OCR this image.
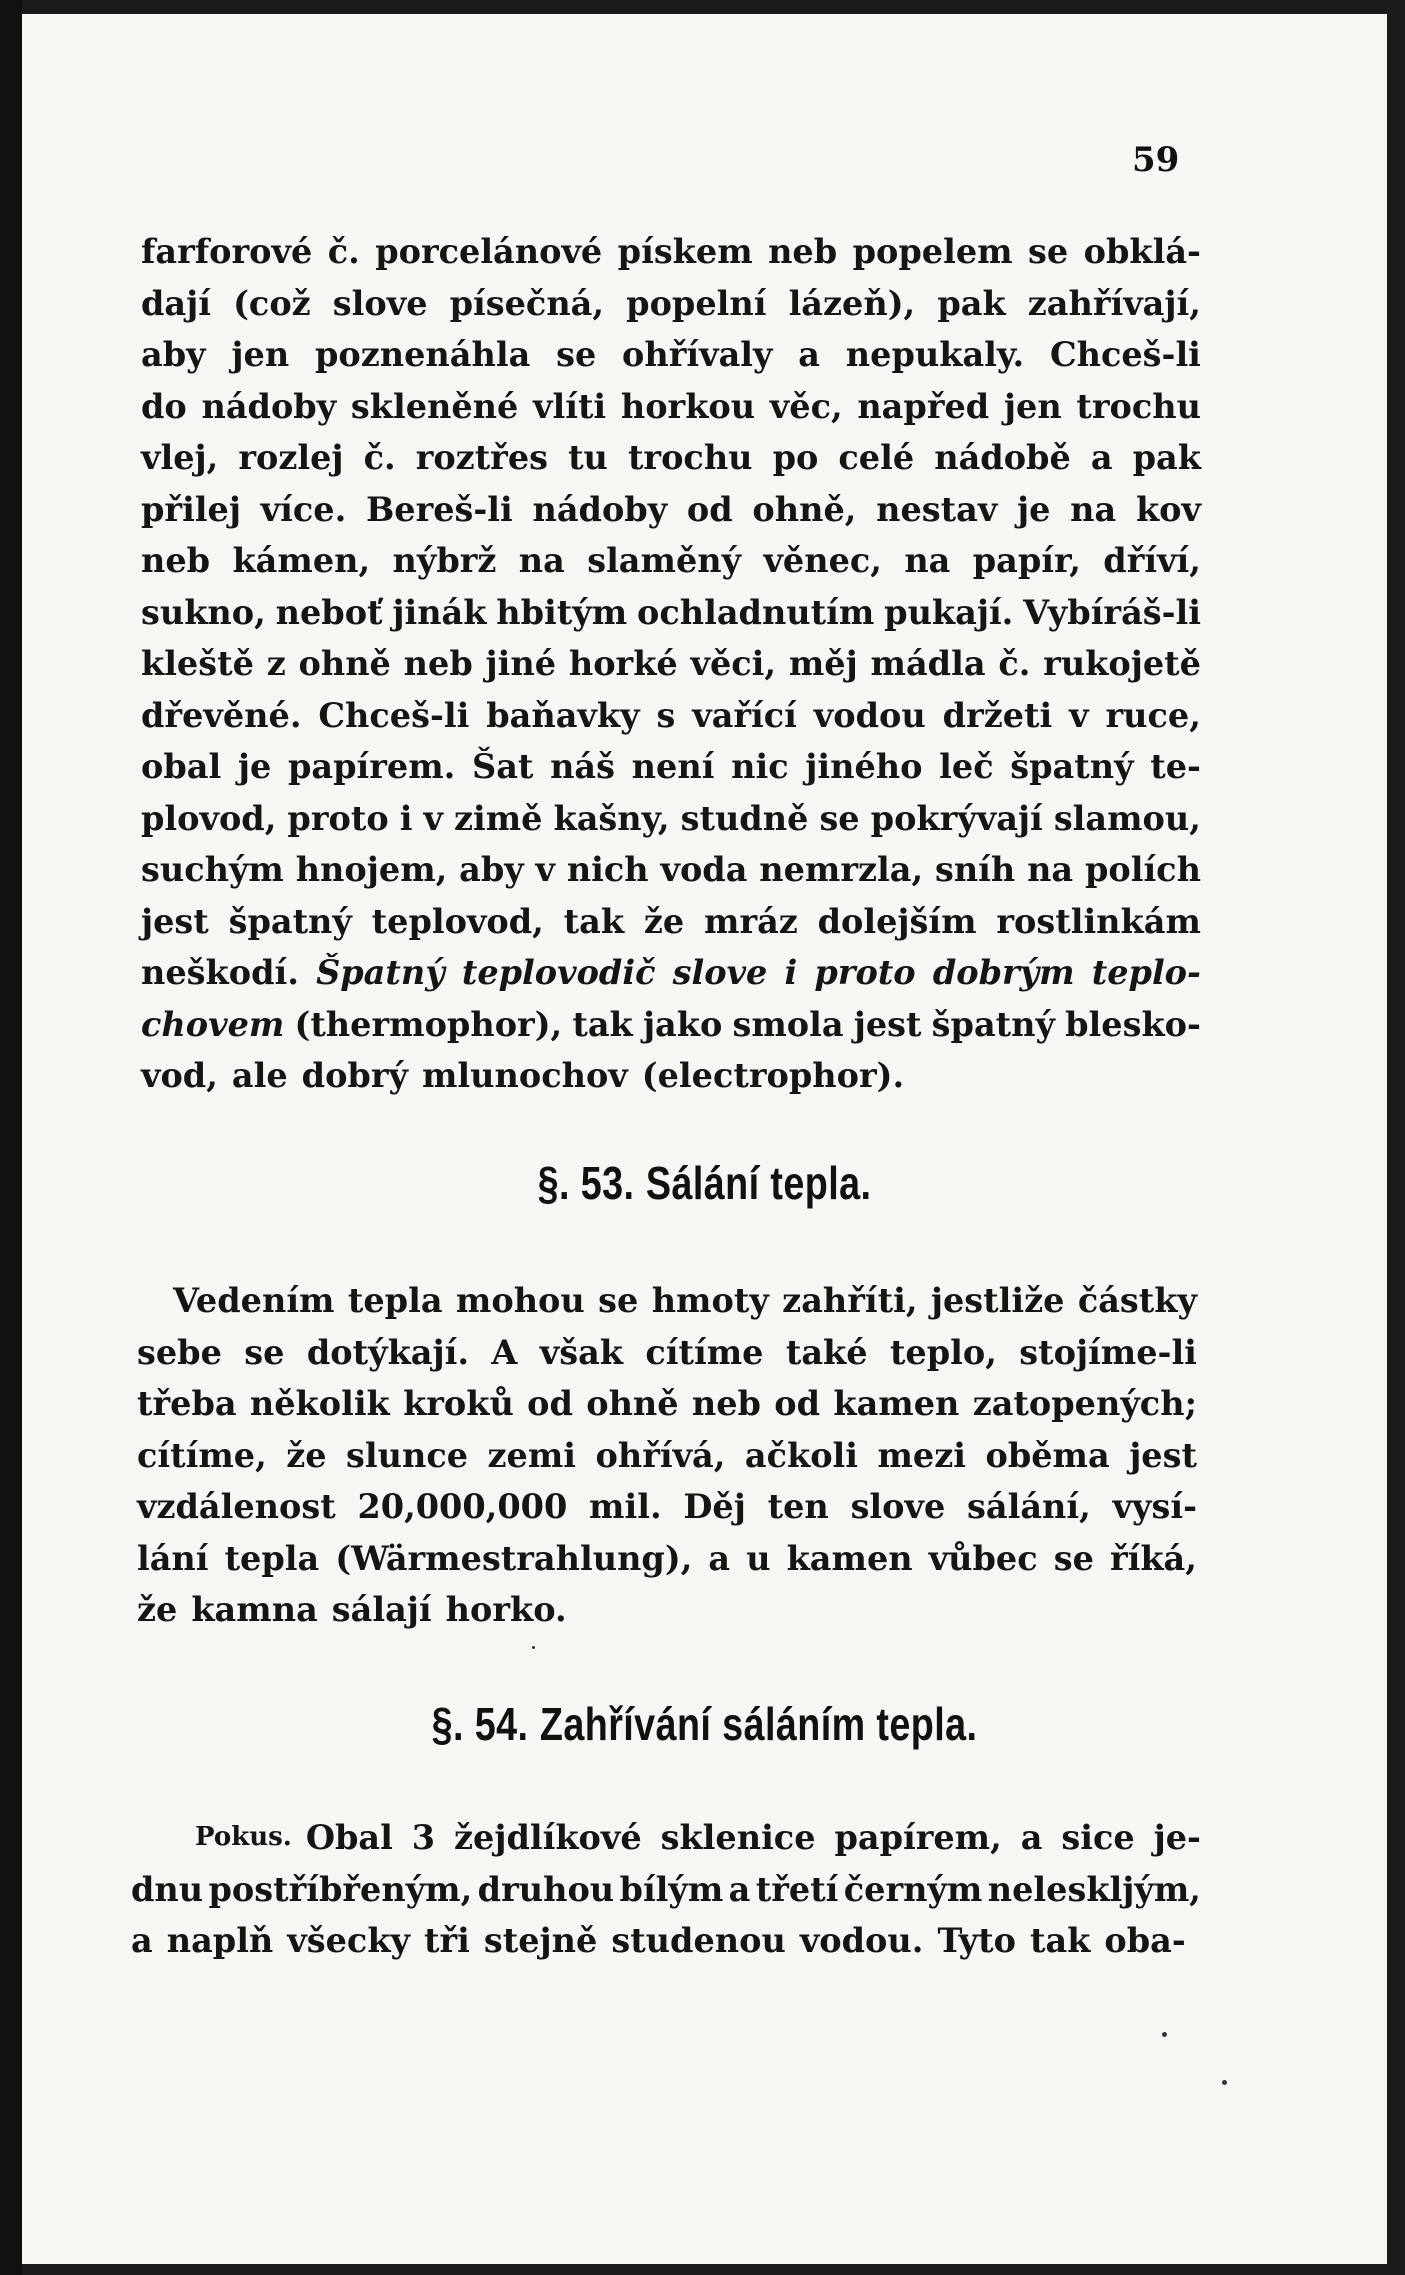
59
farforové č. porcelánové pískem neb popelem se obklá-
dají (což slove písečná, popelní lázeň), pak zahřívají,
aby jen poznenáhla se ohřívaly a nepukaly. Chceš-li
do nádoby skleněné vlíti horkou věc, napřed jen trochu
vlej, rozlej č. roztřes tu trochu po celé nádobě a pak
přilej více. Bereš-li nádoby od ohně, nestav je na kov
neb kámen, nýbrž na slaměný věnec, na papír, dříví,
sukno, neboť jinák hbitým ochladnutím pukají. Vybíráš-li
kleště z ohně neb jiné horké věci, měj mádla č. rukojetě
dřevěné. Chceš-li baňavky s vařící vodou držeti v ruce,
obal je papírem. Šat náš není nic jiného leč špatný te-
plovod, proto i v zimě kašny, studně se pokrývají slamou,
suchým hnojem, aby v nich voda nemrzla, sníh na polích
jest špatný teplovod, tak že mráz dolejším rostlinkám
neškodí. Špatný teplovodič slove i proto dobrým teplo-
chovem (thermophor), tak jako smola jest špatný blesko-
vod, ale dobrý mlunochov (electrophor).
§. 53. Sálání tepla.
Vedením tepla mohou se hmoty zahříti, jestliže částky
sebe se dotýkají. A však cítíme také teplo, stojíme-li
třeba několik kroků od ohně neb od kamen zatopených;
cítíme, že slunce zemi ohřívá, ačkoli mezi oběma jest
vzdálenost 20,000,000 mil. Děj ten slove sálání, vysí-
lání tepla (Wärmestrahlung), a u kamen vůbec se říká,
že kamna sálají horko.
§. 54. Zahřívání sáláním tepla.
Pokus. Obal 3 žejdlíkové sklenice papírem, a sice je-
dnu postříbřeným, druhou bílým a třetí černým neleskljým,
a naplň všecky tři stejně studenou vodou. Tyto tak oba-
